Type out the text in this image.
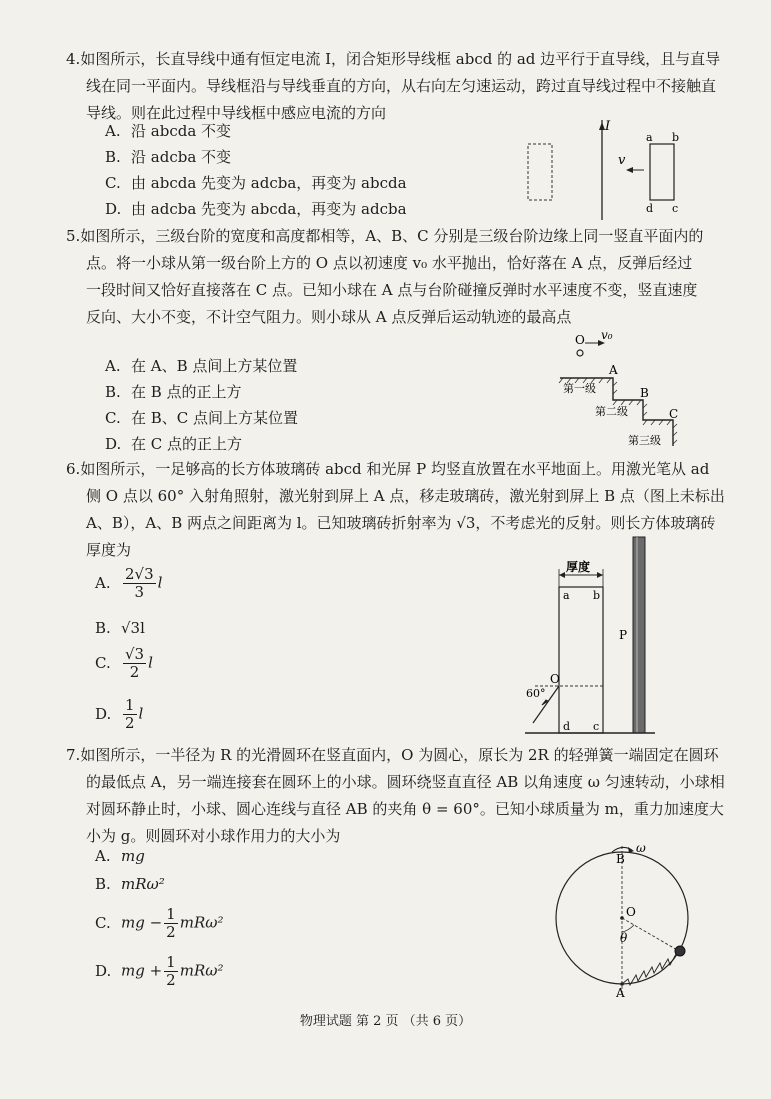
4.如图所示，长直导线中通有恒定电流 I，闭合矩形导线框 abcd 的 ad 边平行于直导线，且与直导线在同一平面内。导线框沿与导线垂直的方向，从右向左匀速运动，跨过直导线过程中不接触直导线。则在此过程中导线框中感应电流的方向

A. 沿 abcda 不变
B. 沿 adcba 不变
C. 由 abcda 先变为 adcba，再变为 abcda
D. 由 adcba 先变为 abcda，再变为 adcba
I
v
a b
d c

5.如图所示，三级台阶的宽度和高度都相等，A、B、C 分别是三级台阶边缘上同一竖直平面内的点。将一小球从第一级台阶上方的 O 点以初速度 v₀ 水平抛出，恰好落在 A 点，反弹后经过一段时间又恰好直接落在 C 点。已知小球在 A 点与台阶碰撞反弹时水平速度不变，竖直速度反向、大小不变，不计空气阻力。则小球从 A 点反弹后运动轨迹的最高点

A. 在 A、B 点间上方某位置
B. 在 B 点的正上方
C. 在 B、C 点间上方某位置
D. 在 C 点的正上方
O v₀
A
B
C
第一级
第二级
第三级

6.如图所示，一足够高的长方体玻璃砖 abcd 和光屏 P 均竖直放置在水平地面上。用激光笔从 ad 侧 O 点以 60° 入射角照射，激光射到屏上 A 点，移走玻璃砖，激光射到屏上 B 点（图上未标出 A、B），A、B 两点之间距离为 l。已知玻璃砖折射率为 √3，不考虑光的反射。则长方体玻璃砖厚度为

A. $\frac{2√3}{3}$ l
B. √3l
C. $\frac{√3}{2}$ l
D. $\frac{1}{2}$ l
厚度
a b
d c
O
60°
P

7.如图所示，一半径为 R 的光滑圆环在竖直面内，O 为圆心，原长为 2R 的轻弹簧一端固定在圆环的最低点 A，另一端连接套在圆环上的小球。圆环绕竖直直径 AB 以角速度 ω 匀速转动，小球相对圆环静止时，小球、圆心连线与直径 AB 的夹角 θ = 60°。已知小球质量为 m，重力加速度大小为 g。则圆环对小球作用力的大小为

A. mg
B. mRω²
C. mg − $\frac{1}{2} mR\omega^2$
D. mg + $\frac{1}{2} mR\omega^2$
ω
B
O
θ
A
物理试题 第 2 页 （共 6 页）
